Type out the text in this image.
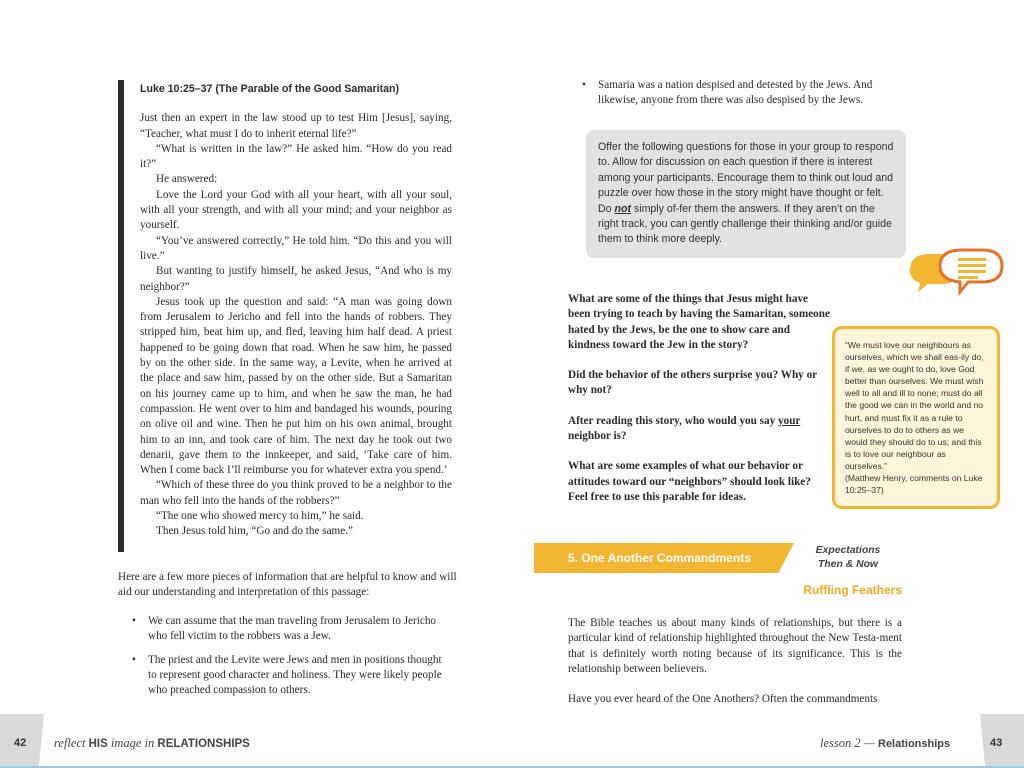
Luke 10:25–37 (The Parable of the Good Samaritan)

Just then an expert in the law stood up to test Him [Jesus], saying, “Teacher, what must I do to inherit eternal life?”

“What is written in the law?” He asked him. “How do you read it?”

He answered:

Love the Lord your God with all your heart, with all your soul, with all your strength, and with all your mind; and your neighbor as yourself.

“You’ve answered correctly,” He told him. “Do this and you will live.”

But wanting to justify himself, he asked Jesus, “And who is my neighbor?”

Jesus took up the question and said: “A man was going down from Jerusalem to Jericho and fell into the hands of robbers. They stripped him, beat him up, and fled, leaving him half dead. A priest happened to be going down that road. When he saw him, he passed by on the other side. In the same way, a Levite, when he arrived at the place and saw him, passed by on the other side. But a Samaritan on his journey came up to him, and when he saw the man, he had compassion. He went over to him and bandaged his wounds, pouring on olive oil and wine. Then he put him on his own animal, brought him to an inn, and took care of him. The next day he took out two denarii, gave them to the innkeeper, and said, ‘Take care of him. When I come back I’ll reimburse you for whatever extra you spend.’

“Which of these three do you think proved to be a neighbor to the man who fell into the hands of the robbers?”

“The one who showed mercy to him,” he said.

Then Jesus told him, “Go and do the same.”

Here are a few more pieces of information that are helpful to know and will aid our understanding and interpretation of this passage:

• We can assume that the man traveling from Jerusalem to Jericho who fell victim to the robbers was a Jew.
• The priest and the Levite were Jews and men in positions thought to represent good character and holiness. They were likely people who preached compassion to others.
• Samaria was a nation despised and detested by the Jews. And likewise, anyone from there was also despised by the Jews.
Offer the following questions for those in your group to respond to. Allow for discussion on each question if there is interest among your participants. Encourage them to think out loud and puzzle over how those in the story might have thought or felt. Do not simply of-fer them the answers. If they aren’t on the right track, you can gently challenge their thinking and/or guide them to think more deeply.

What are some of the things that Jesus might have been trying to teach by having the Samaritan, someone hated by the Jews, be the one to show care and kindness toward the Jew in the story?

Did the behavior of the others surprise you? Why or why not?

After reading this story, who would you say your neighbor is?

What are some examples of what our behavior or attitudes toward our “neighbors” should look like? Feel free to use this parable for ideas.

“We must love our neighbours as ourselves, which we shall eas-ily do, if we, as we ought to do, love God better than ourselves. We must wish well to all and ill to none; must do all the good we can in the world and no hurt, and must fix it as a rule to ourselves to do to others as we would they should do to us; and this is to love our neighbour as ourselves.”
(Matthew Henry, comments on Luke 10:25–37)
5. One Another Commandments
Expectations
Then & Now
Ruffling Feathers

The Bible teaches us about many kinds of relationships, but there is a particular kind of relationship highlighted throughout the New Testa-ment that is definitely worth noting because of its significance. This is the relationship between believers.

Have you ever heard of the One Anothers? Often the commandments

42 reflect HIS image in RELATIONSHIPS	lesson 2 — Relationships	43
